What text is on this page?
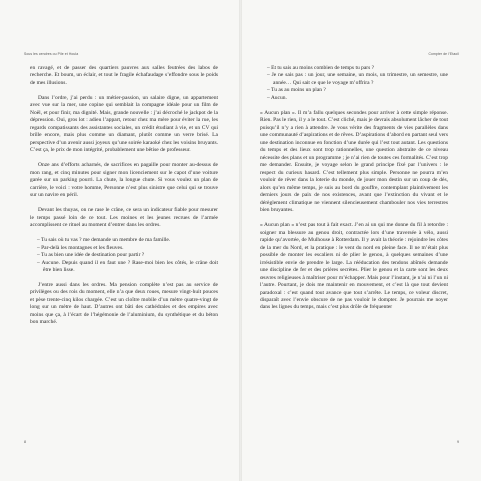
Sous les cendres ou Pile et Houla

en ravagé, et de passer des quartiers pauvres aux salles feutrées des labos de recherche. Et boum, un éclair, et tout le fragile échafaudage s’effondre sous le poids de mes illusions.

Dans l’ordre, j’ai perdu : un métier-passion, un salaire digne, un appartement avec vue sur la mer, une copine qui semblait la compagne idéale pour un film de Noël, et pour finir, ma dignité. Mais, grande nouvelle : j’ai décroché le jackpot de la dépression. Oui, gros lot : adieu l’appart, retour chez ma mère pour éviter la rue, les regards compatissants des assistantes sociales, un crédit étudiant à vie, et un CV qui brille encore, mais plus comme un diamant, plutôt comme un verre brisé. La perspective d’un avenir aussi joyeux qu’une soirée karaoké chez les voisins bruyants. C’est ça, le prix de mon intégrité, probablement une bêtise de professeur.

Onze ans d’efforts acharnés, de sacrifices en pagaille pour monter au-dessus de mon rang, et cinq minutes pour signer mon licenciement sur le capot d’une voiture garée sur un parking pourri. La chute, la longue chute. Si vous voulez un plan de carrière, le voici : votre homme, Personne n’est plus sinistre que celui qui se trouve sur un navire en péril.

Devant les thuyas, on ne rase le crâne, ce sera un indicateur fiable pour mesurer le temps passé loin de ce tout. Les moines et les jeunes recrues de l’armée accomplissent ce rituel au moment d’entrer dans les ordres.

– Tu sais où tu vas ? me demande un membre de ma famille.

– Par-delà les montagnes et les fleuves.

– Tu as bien une idée de destination pour partir ?

– Aucune. Depuis quand il en faut une ? Rase-moi bien les côtés, le crâne doit être bien lisse.

J’entre aussi dans les ordres. Ma pension complète n’est pas au service de privilèges ou des rois du moment, elle n’a que deux roues, mesure vingt-huit pouces et pèse trente-cinq kilos chargée. C’est un cloître mobile d’un mètre quatre-vingt de long sur un mètre de haut. D’autres ont bâti des cathédrales et des empires avec moins que ça, à l’écart de l’hégémonie de l’aluminium, du synthétique et du béton bon marché.

8
Compter de l’Etaoil

– Et tu sais au moins combien de temps tu pars ?

– Je ne sais pas : un jour, une semaine, un mois, un trimestre, un semestre, une année… Qui sait ce que le voyage m’offrira ?

– Tu as au moins un plan ?

– Aucun.

« Aucun plan ». Il m’a fallu quelques secondes pour arriver à cette simple réponse. Rien. Pas le rien, il y a le tout. C’est cliché, mais je devrais absolument lâcher de tout puisqu’il n’y a rien à attendre. Je vous vérite des fragments de vies parallèles dans une communauté d’aspirations et de rêves. D’aspirations d’abord en partant seul vers une destination inconnue en fonction d’une durée qui l’est tout autant. Les questions du temps et des lieux sont trop rationnelles, une question abstraite de ce niveau nécessite des plans et un programme ; je n’ai rien de toutes ces formalités. C’est trop me demander. Ensuite, je voyage selon le grand principe fixé par l’univers : le respect du curieux hasard. C’est tellement plus simple. Personne ne pourra m’en vouloir de rêver dans la loterie du monde, de jouer mon destin sur un coup de dés, alors qu’en même temps, je suis au bord du gouffre, contemplant plaintivement les derniers jours de paix de nos existences, avant que l’extinction du vivant et le dérèglement climatique ne viennent silencieusement chambouler nos vies terrestres bien bruyantes.

« Aucun plan » n’est pas tout à fait exact. J’en ai un qui me donne du fil à retordre : soigner ma blessure au genou droit, contractée lors d’une traversée à vélo, aussi rapide qu’avortée, de Mulhouse à Rotterdam. Il y avait la théorie : rejoindre les côtes de la mer du Nord, et la pratique : le vent du nord en pleine face. Il ne m’était plus possible de monter les escaliers ni de plier le genou, à quelques semaines d’une irrésistible envie de prendre le large. La rééducation des tendons abîmés demande une discipline de fer et des prières secrètes. Plier le genou et la carte sont les deux œuvres religieuses à maîtriser pour m’échapper. Mais pour l’instant, je n’ai ni l’un ni l’autre. Pourtant, je dois me maintenir en mouvement, et c’est là que tout devient paradoxal : c’est quand tout avance que tout s’arrête. Le temps, ce voleur discret, disparaît avec l’envie obscure de ne pas vouloir le dompter. Je pourrais me noyer dans les lignes du temps, mais c’est plus drôle de fréquenter

9
